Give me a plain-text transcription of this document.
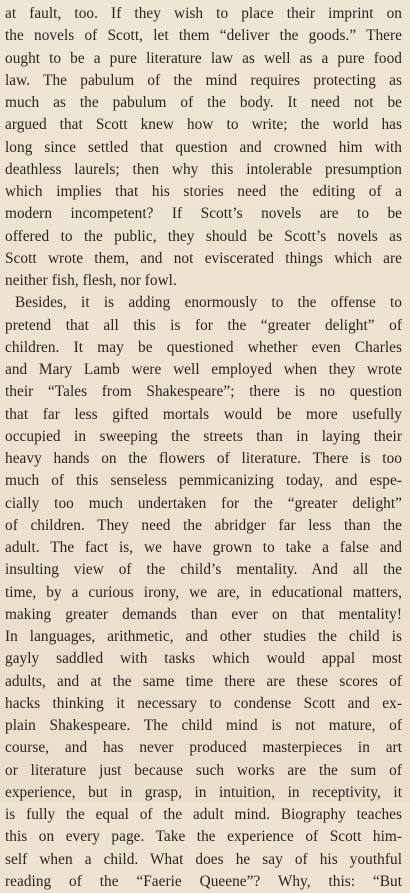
at fault, too. If they wish to place their imprint on
the novels of Scott, let them “deliver the goods.” There
ought to be a pure literature law as well as a pure food
law. The pabulum of the mind requires protecting as
much as the pabulum of the body. It need not be
argued that Scott knew how to write; the world has
long since settled that question and crowned him with
deathless laurels; then why this intolerable presumption
which implies that his stories need the editing of a
modern incompetent? If Scott’s novels are to be
offered to the public, they should be Scott’s novels as
Scott wrote them, and not eviscerated things which are
neither fish, flesh, nor fowl.
Besides, it is adding enormously to the offense to
pretend that all this is for the “greater delight” of
children. It may be questioned whether even Charles
and Mary Lamb were well employed when they wrote
their “Tales from Shakespeare”; there is no question
that far less gifted mortals would be more usefully
occupied in sweeping the streets than in laying their
heavy hands on the flowers of literature. There is too
much of this senseless pemmicanizing today, and espe-
cially too much undertaken for the “greater delight”
of children. They need the abridger far less than the
adult. The fact is, we have grown to take a false and
insulting view of the child’s mentality. And all the
time, by a curious irony, we are, in educational matters,
making greater demands than ever on that mentality!
In languages, arithmetic, and other studies the child is
gayly saddled with tasks which would appal most
adults, and at the same time there are these scores of
hacks thinking it necessary to condense Scott and ex-
plain Shakespeare. The child mind is not mature, of
course, and has never produced masterpieces in art
or literature just because such works are the sum of
experience, but in grasp, in intuition, in receptivity, it
is fully the equal of the adult mind. Biography teaches
this on every page. Take the experience of Scott him-
self when a child. What does he say of his youthful
reading of the “Faerie Queene”? Why, this: “But
